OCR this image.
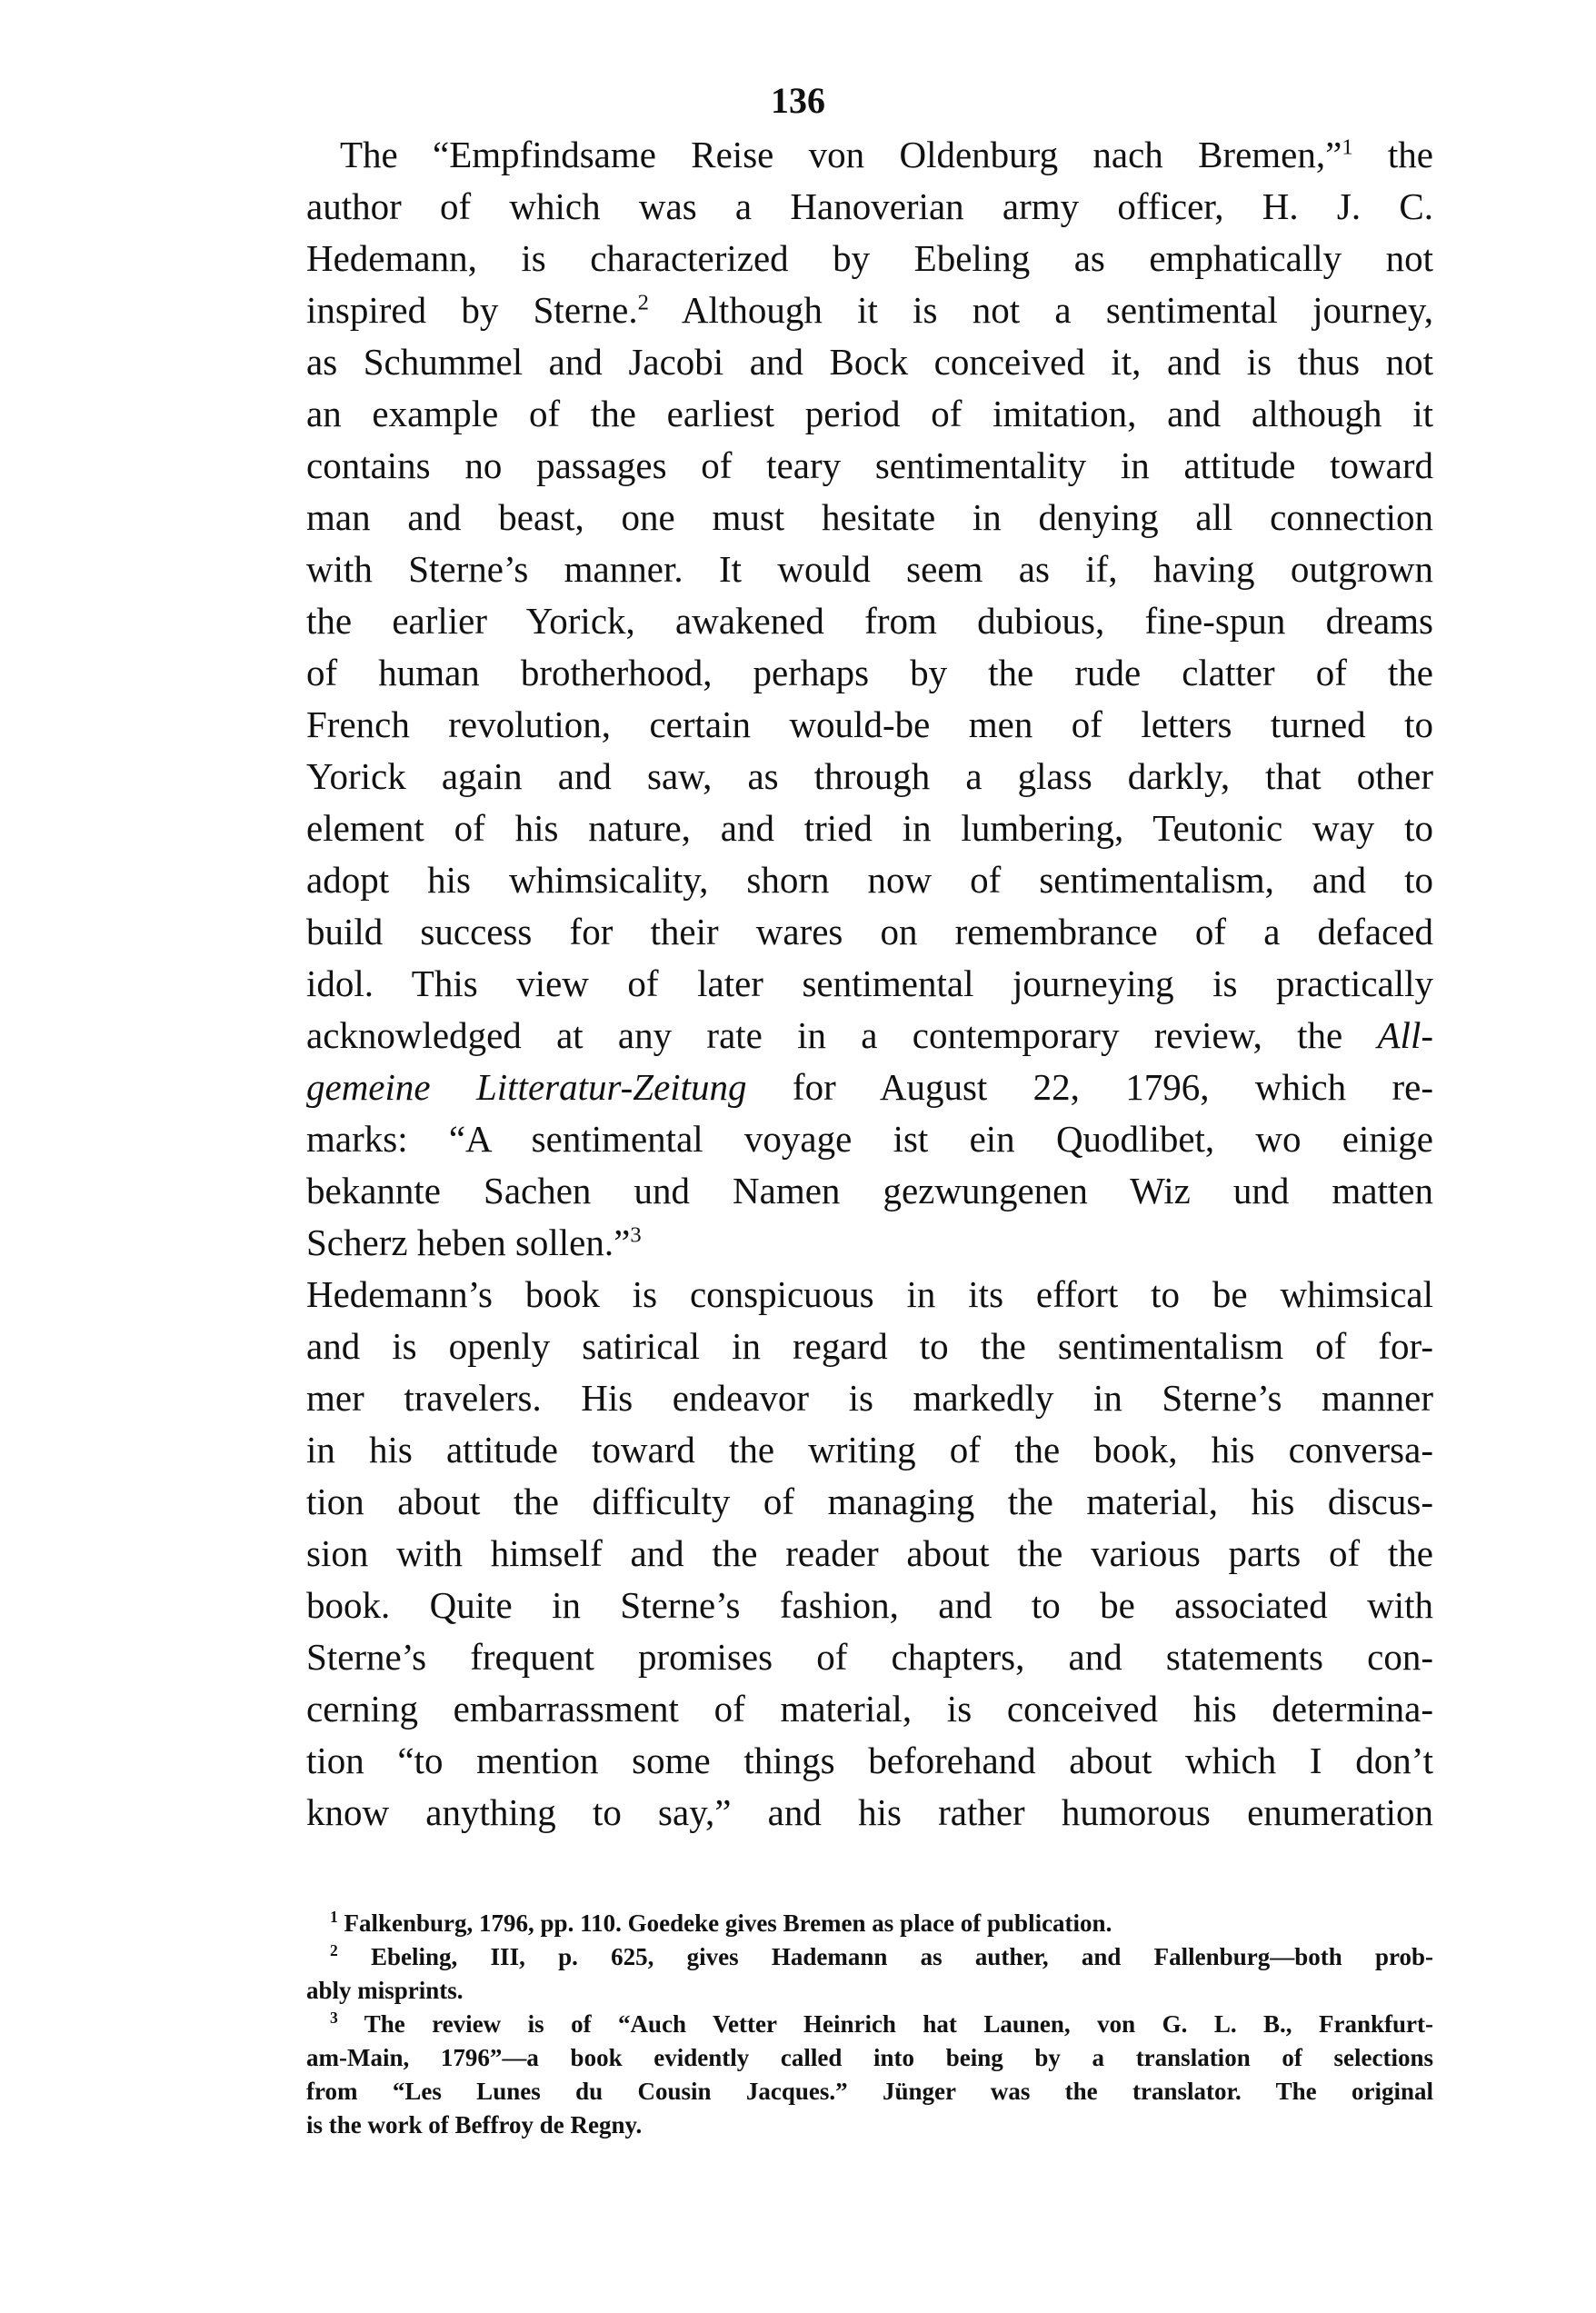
136
The “Empfindsame Reise von Oldenburg nach Bremen,”$^1$ the
author of which was a Hanoverian army officer, H. J. C.
Hedemann, is characterized by Ebeling as emphatically not
inspired by Sterne.$^2$ Although it is not a sentimental journey,
as Schummel and Jacobi and Bock conceived it, and is thus not
an example of the earliest period of imitation, and although it
contains no passages of teary sentimentality in attitude toward
man and beast, one must hesitate in denying all connection
with Sterne’s manner. It would seem as if, having outgrown
the earlier Yorick, awakened from dubious, fine-spun dreams
of human brotherhood, perhaps by the rude clatter of the
French revolution, certain would-be men of letters turned to
Yorick again and saw, as through a glass darkly, that other
element of his nature, and tried in lumbering, Teutonic way to
adopt his whimsicality, shorn now of sentimentalism, and to
build success for their wares on remembrance of a defaced
idol. This view of later sentimental journeying is practically
acknowledged at any rate in a contemporary review, the All-
gemeine Litteratur-Zeitung for August 22, 1796, which re-
marks: “A sentimental voyage ist ein Quodlibet, wo einige
bekannte Sachen und Namen gezwungenen Wiz und matten
Scherz heben sollen.”$^3$
Hedemann’s book is conspicuous in its effort to be whimsical
and is openly satirical in regard to the sentimentalism of for-
mer travelers. His endeavor is markedly in Sterne’s manner
in his attitude toward the writing of the book, his conversa-
tion about the difficulty of managing the material, his discus-
sion with himself and the reader about the various parts of the
book. Quite in Sterne’s fashion, and to be associated with
Sterne’s frequent promises of chapters, and statements con-
cerning embarrassment of material, is conceived his determina-
tion “to mention some things beforehand about which I don’t
know anything to say,” and his rather humorous enumeration
$^1$ Falkenburg, 1796, pp. 110. Goedeke gives Bremen as place of publication.
$^2$ Ebeling, III, p. 625, gives Hademann as auther, and Fallenburg—both prob-
ably misprints.
$^3$ The review is of “Auch Vetter Heinrich hat Launen, von G. L. B., Frankfurt-
am-Main, 1796”—a book evidently called into being by a translation of selections
from “Les Lunes du Cousin Jacques.” Jünger was the translator. The original
is the work of Beffroy de Regny.
